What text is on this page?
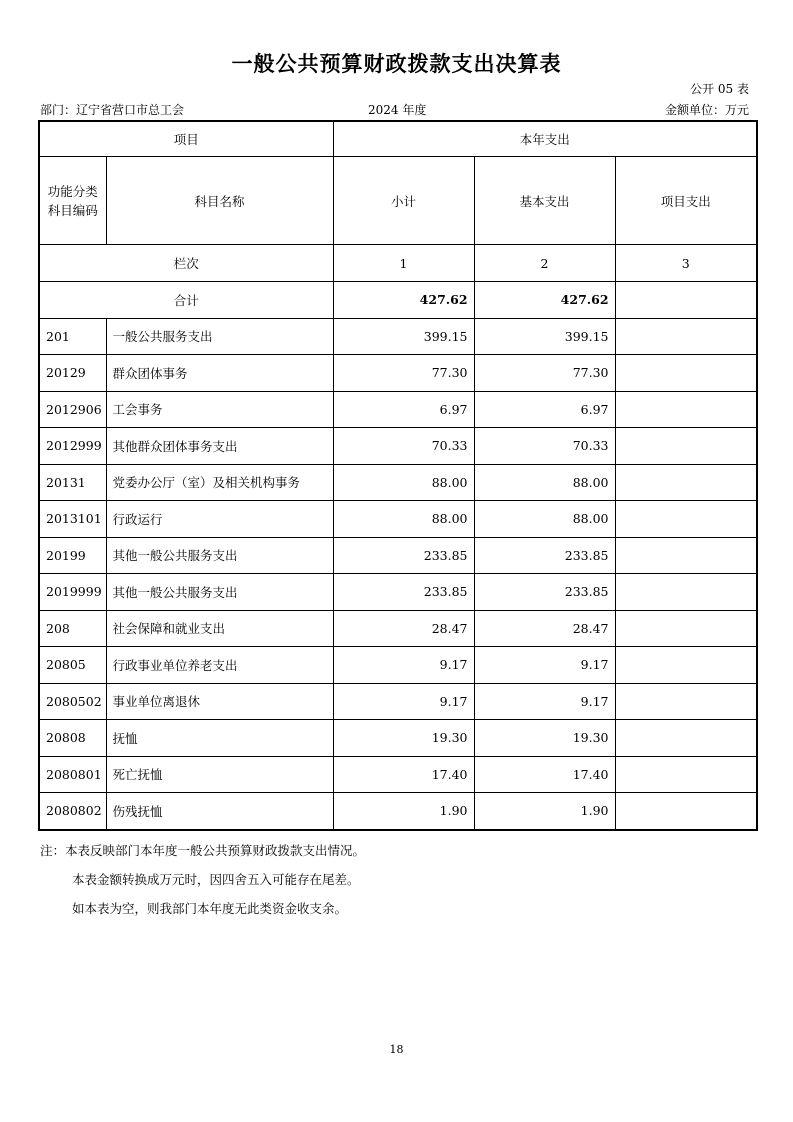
一般公共预算财政拨款支出决算表
公开 05 表
部门：辽宁省营口市总工会	2024 年度	金额单位：万元
项目		本年支出		
功能分类科目编码	科目名称	小计	基本支出	项目支出
栏次		1	2	3
合计		427.62	427.62	
201	一般公共服务支出	399.15	399.15	
20129	群众团体事务	77.30	77.30	
2012906	工会事务	6.97	6.97	
2012999	其他群众团体事务支出	70.33	70.33	
20131	党委办公厅（室）及相关机构事务	88.00	88.00	
2013101	行政运行	88.00	88.00	
20199	其他一般公共服务支出	233.85	233.85	
2019999	其他一般公共服务支出	233.85	233.85	
208	社会保障和就业支出	28.47	28.47	
20805	行政事业单位养老支出	9.17	9.17	
2080502	事业单位离退休	9.17	9.17	
20808	抚恤	19.30	19.30	
2080801	死亡抚恤	17.40	17.40	
2080802	伤残抚恤	1.90	1.90	
注：本表反映部门本年度一般公共预算财政拨款支出情况。
本表金额转换成万元时，因四舍五入可能存在尾差。
如本表为空，则我部门本年度无此类资金收支余。
18
